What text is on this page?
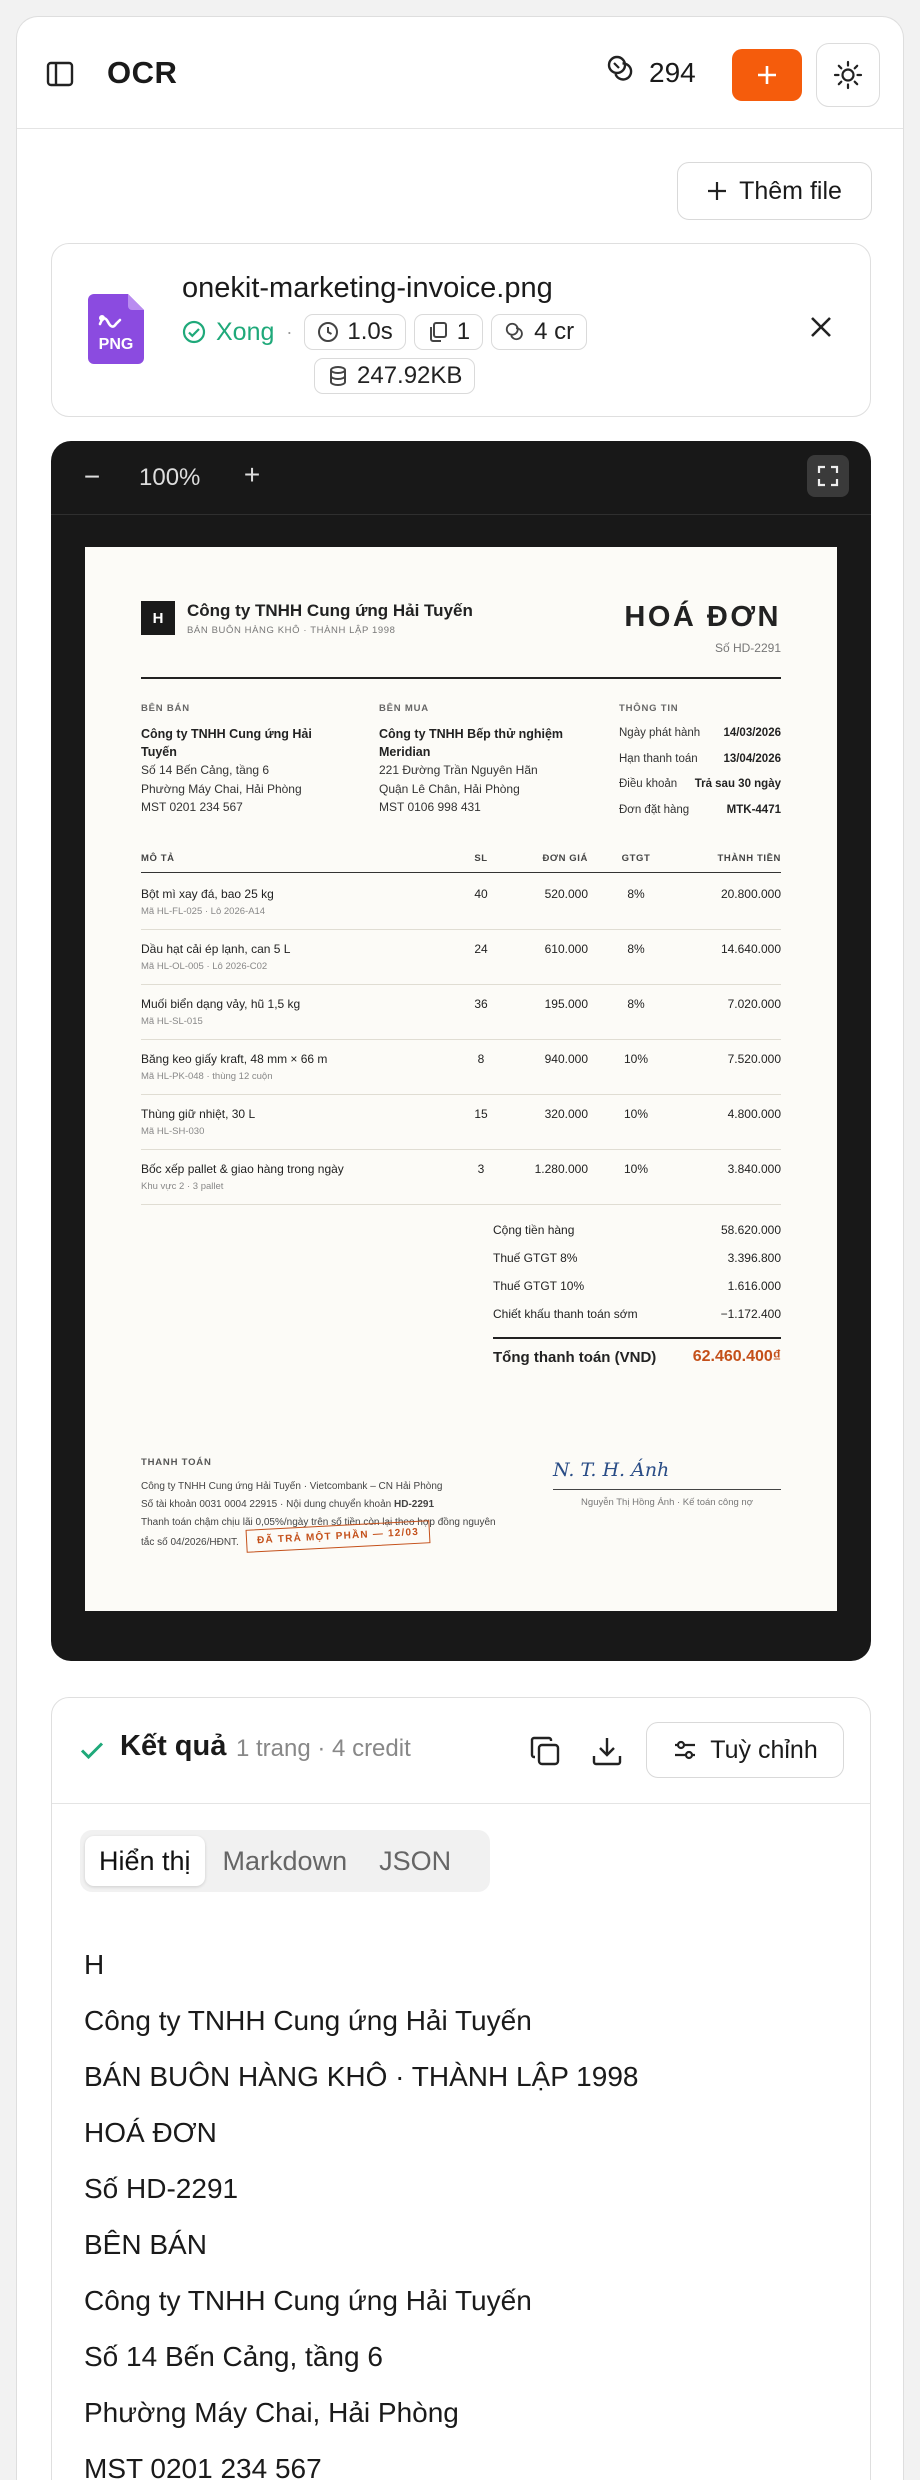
OCR	294
Thêm file
PNG
onekit-marketing-invoice.png
Xong · 1.0s	1	4 cr
247.92KB
− 100% +
H	Công ty TNHH Cung ứng Hải Tuyến
BÁN BUÔN HÀNG KHÔ · THÀNH LẬP 1998	HOÁ ĐƠN
Số HD-2291
BÊN BÁN
Công ty TNHH Cung ứng Hải Tuyến
Số 14 Bến Cảng, tầng 6
Phường Máy Chai, Hải Phòng
MST 0201 234 567
BÊN MUA
Công ty TNHH Bếp thử nghiệm Meridian
221 Đường Trần Nguyên Hãn
Quận Lê Chân, Hải Phòng
MST 0106 998 431
THÔNG TIN
Ngày phát hành 14/03/2026
Hạn thanh toán 13/04/2026
Điều khoản Trả sau 30 ngày
Đơn đặt hàng	MTK-4471
MÔ TẢ	SL	ĐƠN GIÁ	GTGT	THÀNH TIỀN
Bột mì xay đá, bao 25 kg
Mã HL-FL-025 · Lô 2026-A14
40	520.000	8%	20.800.000
Dầu hạt cải ép lạnh, can 5 L
Mã HL-OL-005 · Lô 2026-C02
24	610.000	8%	14.640.000
Muối biển dạng vảy, hũ 1,5 kg
Mã HL-SL-015
36	195.000	8%	7.020.000
Băng keo giấy kraft, 48 mm × 66 m
Mã HL-PK-048 · thùng 12 cuộn
8	940.000	10%	7.520.000
Thùng giữ nhiệt, 30 L
Mã HL-SH-030
15	320.000	10%	4.800.000
Bốc xếp pallet & giao hàng trong ngày
Khu vực 2 · 3 pallet
3	1.280.000	10%	3.840.000
Cộng tiền hàng	58.620.000
Thuế GTGT 8%	3.396.800
Thuế GTGT 10%	1.616.000
Chiết khấu thanh toán sớm	−1.172.400
Tổng thanh toán (VND) 62.460.400₫
THANH TOÁN
Công ty TNHH Cung ứng Hải Tuyến · Vietcombank – CN Hải Phòng
Số tài khoản 0031 0004 22915 · Nội dung chuyển khoản HD-2291
Thanh toán chậm chịu lãi 0,05%/ngày trên số tiền còn lại theo hợp đồng nguyên
tắc số 04/2026/HĐNT.	ĐÃ TRẢ MỘT PHẦN — 12/03
N. T. H. Ánh
Nguyễn Thị Hồng Ánh · Kế toán công nợ
Kết quả 1 trang · 4 credit	Tuỳ chỉnh
Hiển thị	Markdown	JSON
H
Công ty TNHH Cung ứng Hải Tuyến
BÁN BUÔN HÀNG KHÔ · THÀNH LẬP 1998
HOÁ ĐƠN
Số HD-2291
BÊN BÁN
Công ty TNHH Cung ứng Hải Tuyến
Số 14 Bến Cảng, tầng 6
Phường Máy Chai, Hải Phòng
MST 0201 234 567
